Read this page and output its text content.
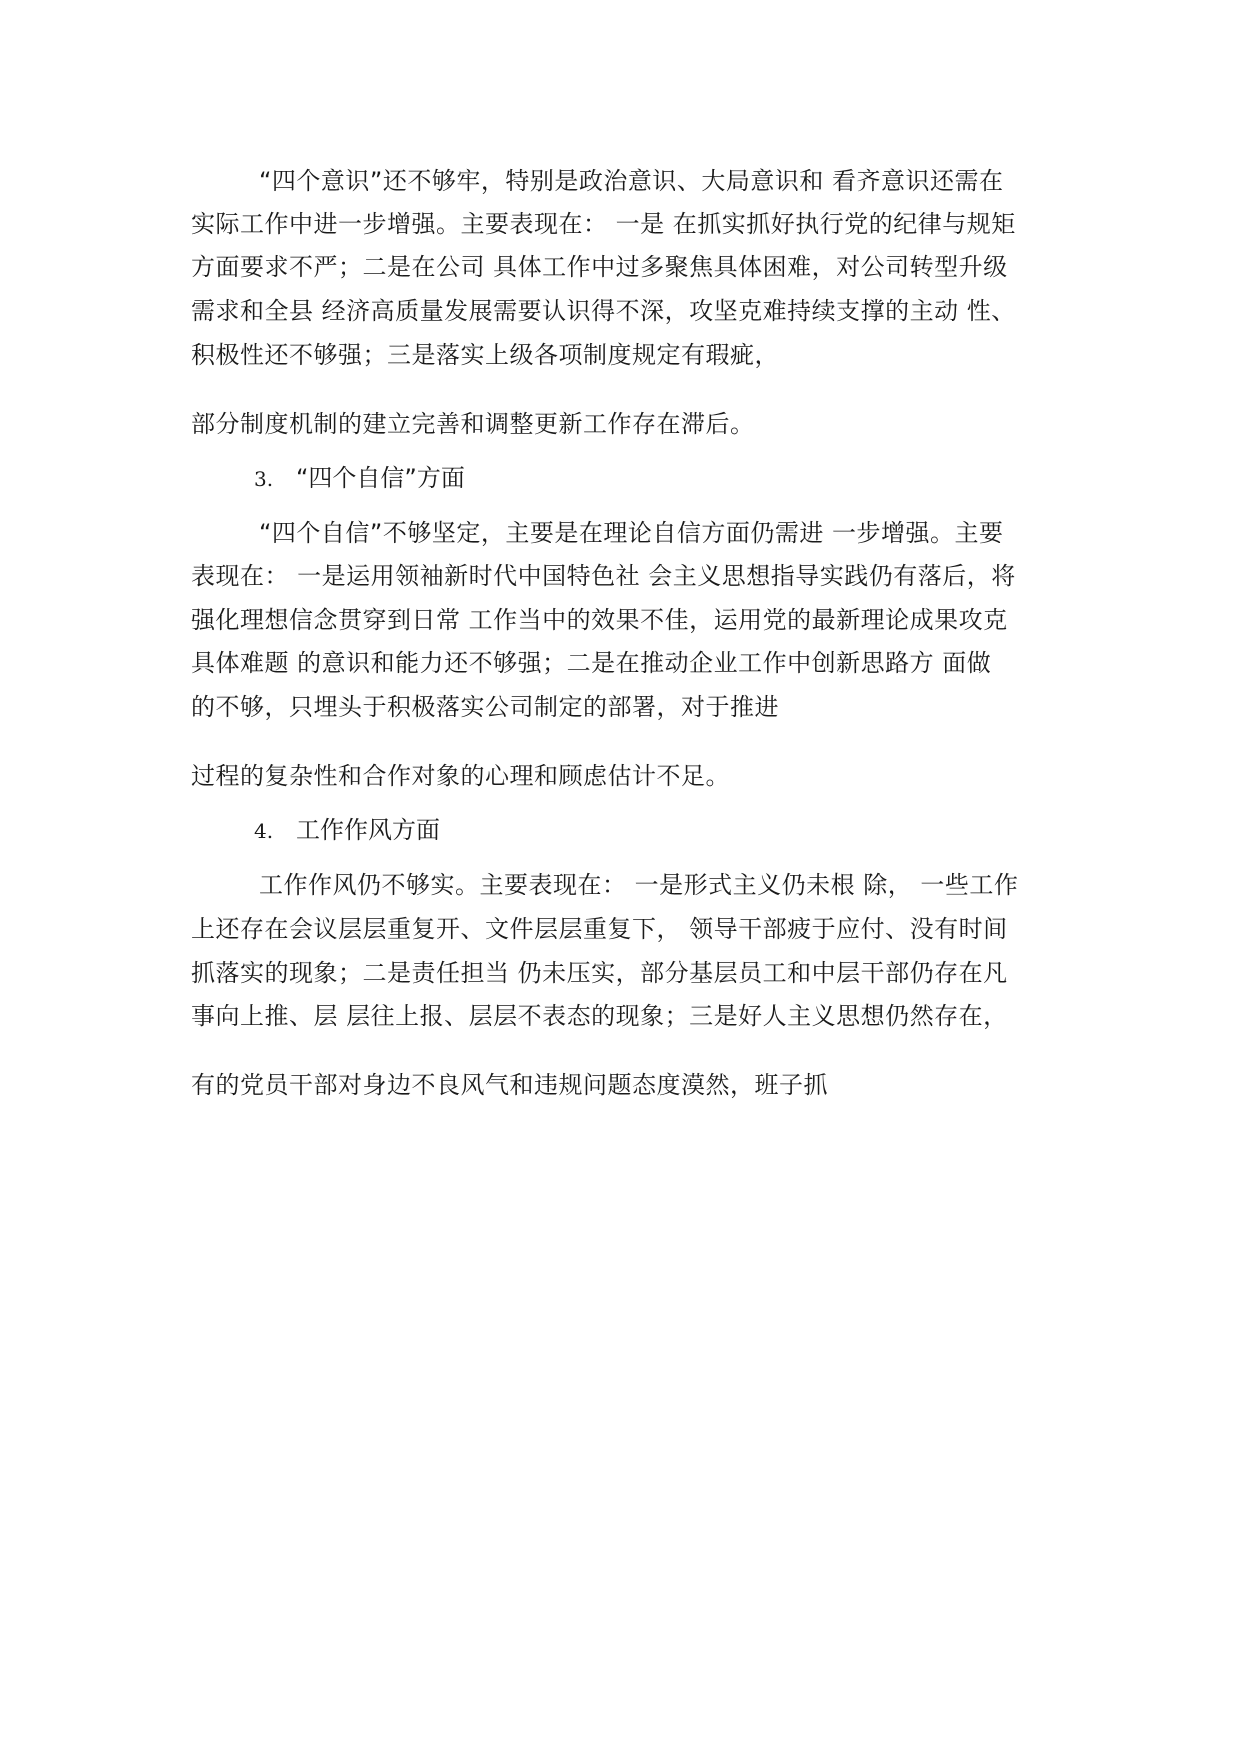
“四个意识”还不够牢，特别是政治意识、大局意识和 看齐意识还需在
实际工作中进一步增强。主要表现在： 一是 在抓实抓好执行党的纪律与规矩
方面要求不严；二是在公司 具体工作中过多聚焦具体困难，对公司转型升级
需求和全县 经济高质量发展需要认识得不深，攻坚克难持续支撑的主动 性、
积极性还不够强；三是落实上级各项制度规定有瑕疵，
部分制度机制的建立完善和调整更新工作存在滞后。
3. “四个自信”方面
“四个自信”不够坚定，主要是在理论自信方面仍需进 一步增强。主要
表现在： 一是运用领袖新时代中国特色社 会主义思想指导实践仍有落后，将
强化理想信念贯穿到日常 工作当中的效果不佳，运用党的最新理论成果攻克
具体难题 的意识和能力还不够强；二是在推动企业工作中创新思路方 面做
的不够，只埋头于积极落实公司制定的部署，对于推进
过程的复杂性和合作对象的心理和顾虑估计不足。
4. 工作作风方面
工作作风仍不够实。主要表现在： 一是形式主义仍未根 除， 一些工作
上还存在会议层层重复开、文件层层重复下， 领导干部疲于应付、没有时间
抓落实的现象；二是责任担当 仍未压实，部分基层员工和中层干部仍存在凡
事向上推、层 层往上报、层层不表态的现象；三是好人主义思想仍然存在，
有的党员干部对身边不良风气和违规问题态度漠然，班子抓
